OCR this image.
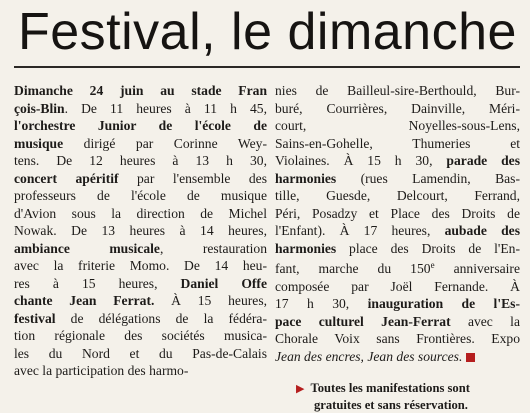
Festival, le dimanche
Dimanche 24 juin au stade Fran
çois-Blin. De 11 heures à 11 h 45,
l'orchestre Junior de l'école de
musique dirigé par Corinne Wey-
tens. De 12 heures à 13 h 30,
concert apéritif par l'ensemble des
professeurs de l'école de musique
d'Avion sous la direction de Michel
Nowak. De 13 heures à 14 heures,
ambiance musicale, restauration
avec la friterie Momo. De 14 heu-
res à 15 heures, Daniel Offe
chante Jean Ferrat. À 15 heures,
festival de délégations de la fédéra-
tion régionale des sociétés musica-
les du Nord et du Pas-de-Calais
avec la participation des harmo-
nies de Bailleul-sire-Berthould, Bur-
buré, Courrières, Dainville, Méri-
court, Noyelles-sous-Lens,
Sains-en-Gohelle, Thumeries et
Violaines. À 15 h 30, parade des
harmonies (rues Lamendin, Bas-
tille, Guesde, Delcourt, Ferrand,
Péri, Posadzy et Place des Droits de
l'Enfant). À 17 heures, aubade des
harmonies place des Droits de l'En-
fant, marche du 150e anniversaire
composée par Joël Fernande. À
17 h 30, inauguration de l'Es-
pace culturel Jean-Ferrat avec la
Chorale Voix sans Frontières. Expo
Jean des encres, Jean des sources.
▶ Toutes les manifestations sont
gratuites et sans réservation.
